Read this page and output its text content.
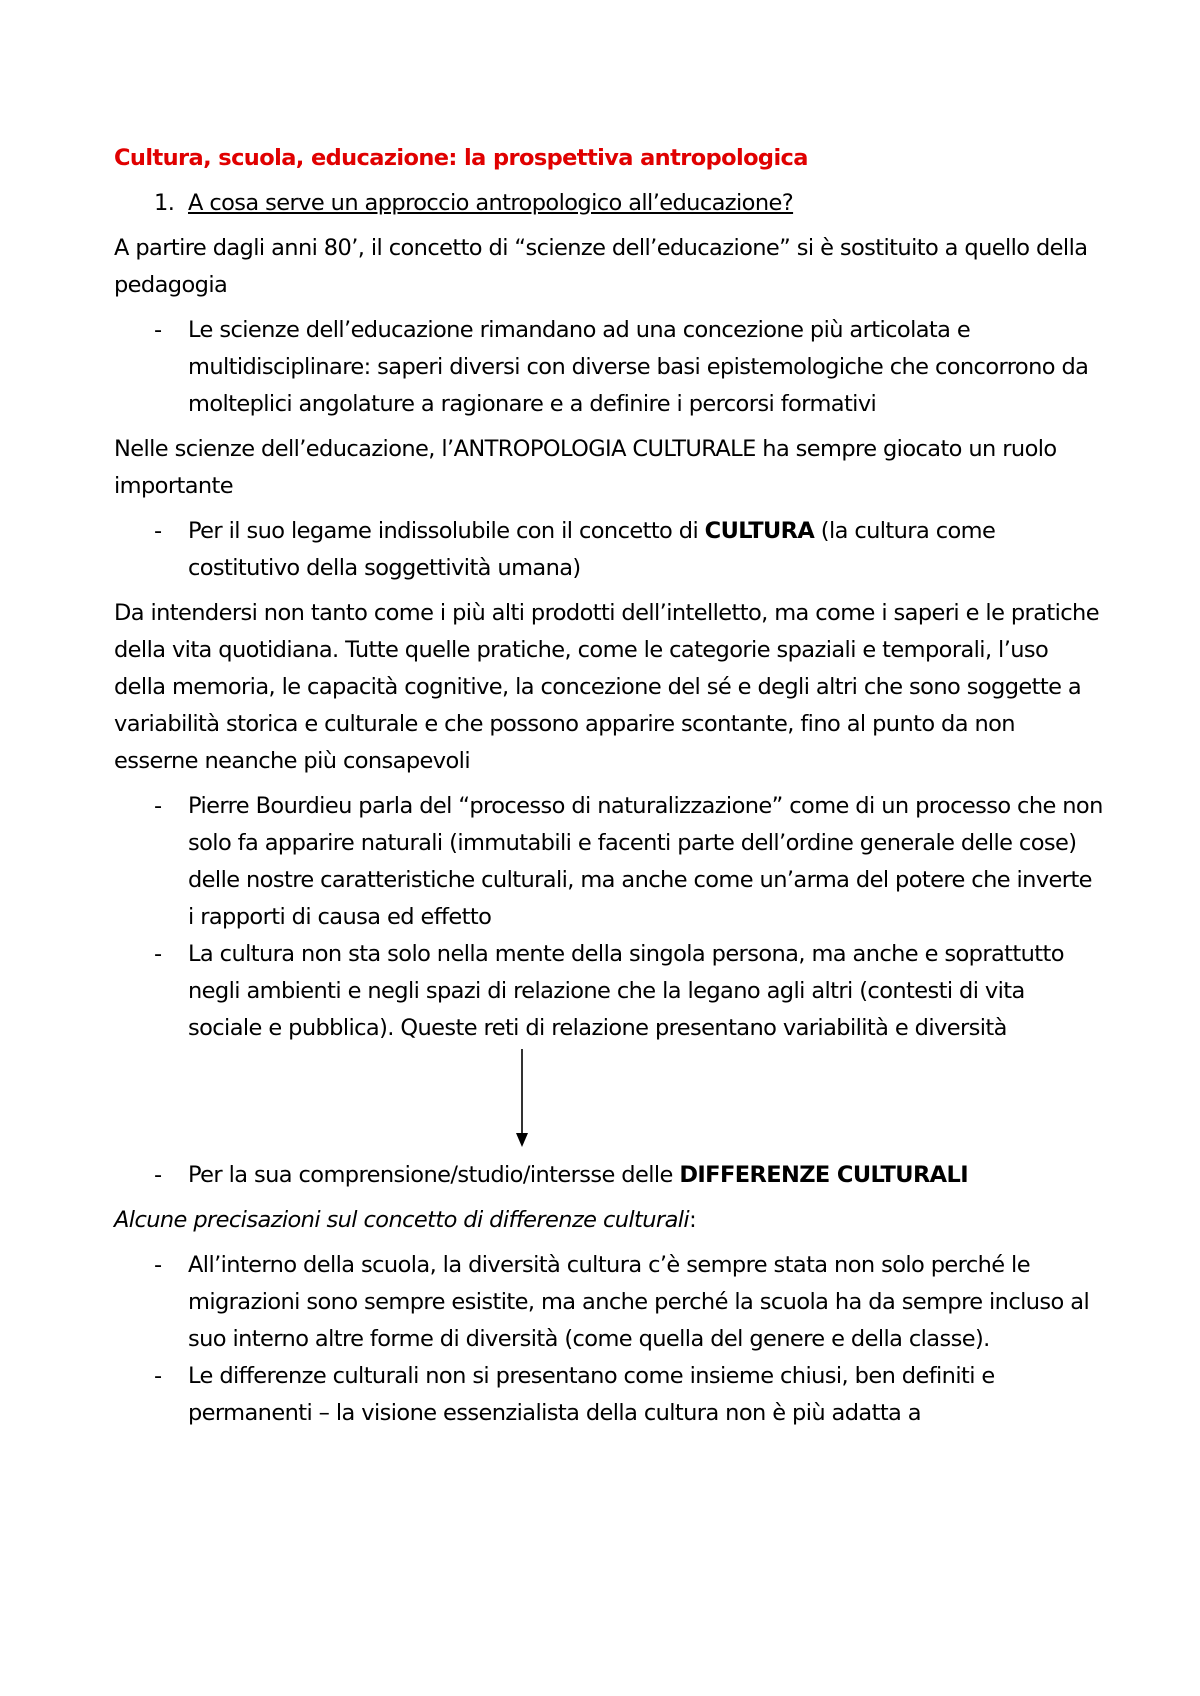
Cultura, scuola, educazione: la prospettiva antropologica
1. A cosa serve un approccio antropologico all’educazione?
A partire dagli anni 80’, il concetto di “scienze dell’educazione” si è sostituito a quello della pedagogia
-	Le scienze dell’educazione rimandano ad una concezione più articolata e multidisciplinare: saperi diversi con diverse basi epistemologiche che concorrono da molteplici angolature a ragionare e a definire i percorsi formativi
Nelle scienze dell’educazione, l’ANTROPOLOGIA CULTURALE ha sempre giocato un ruolo importante
-	Per il suo legame indissolubile con il concetto di CULTURA (la cultura come costitutivo della soggettività umana)
Da intendersi non tanto come i più alti prodotti dell’intelletto, ma come i saperi e le pratiche della vita quotidiana. Tutte quelle pratiche, come le categorie spaziali e temporali, l’uso della memoria, le capacità cognitive, la concezione del sé e degli altri che sono soggette a variabilità storica e culturale e che possono apparire scontante, fino al punto da non esserne neanche più consapevoli
-	Pierre Bourdieu parla del “processo di naturalizzazione” come di un processo che non solo fa apparire naturali (immutabili e facenti parte dell’ordine generale delle cose) delle nostre caratteristiche culturali, ma anche come un’arma del potere che inverte i rapporti di causa ed effetto
-	La cultura non sta solo nella mente della singola persona, ma anche e soprattutto negli ambienti e negli spazi di relazione che la legano agli altri (contesti di vita sociale e pubblica). Queste reti di relazione presentano variabilità e diversità
-	Per la sua comprensione/studio/intersse delle DIFFERENZE CULTURALI
Alcune precisazioni sul concetto di differenze culturali:
-	All’interno della scuola, la diversità cultura c’è sempre stata non solo perché le migrazioni sono sempre esistite, ma anche perché la scuola ha da sempre incluso al suo interno altre forme di diversità (come quella del genere e della classe).
-	Le differenze culturali non si presentano come insieme chiusi, ben definiti e permanenti – la visione essenzialista della cultura non è più adatta a
